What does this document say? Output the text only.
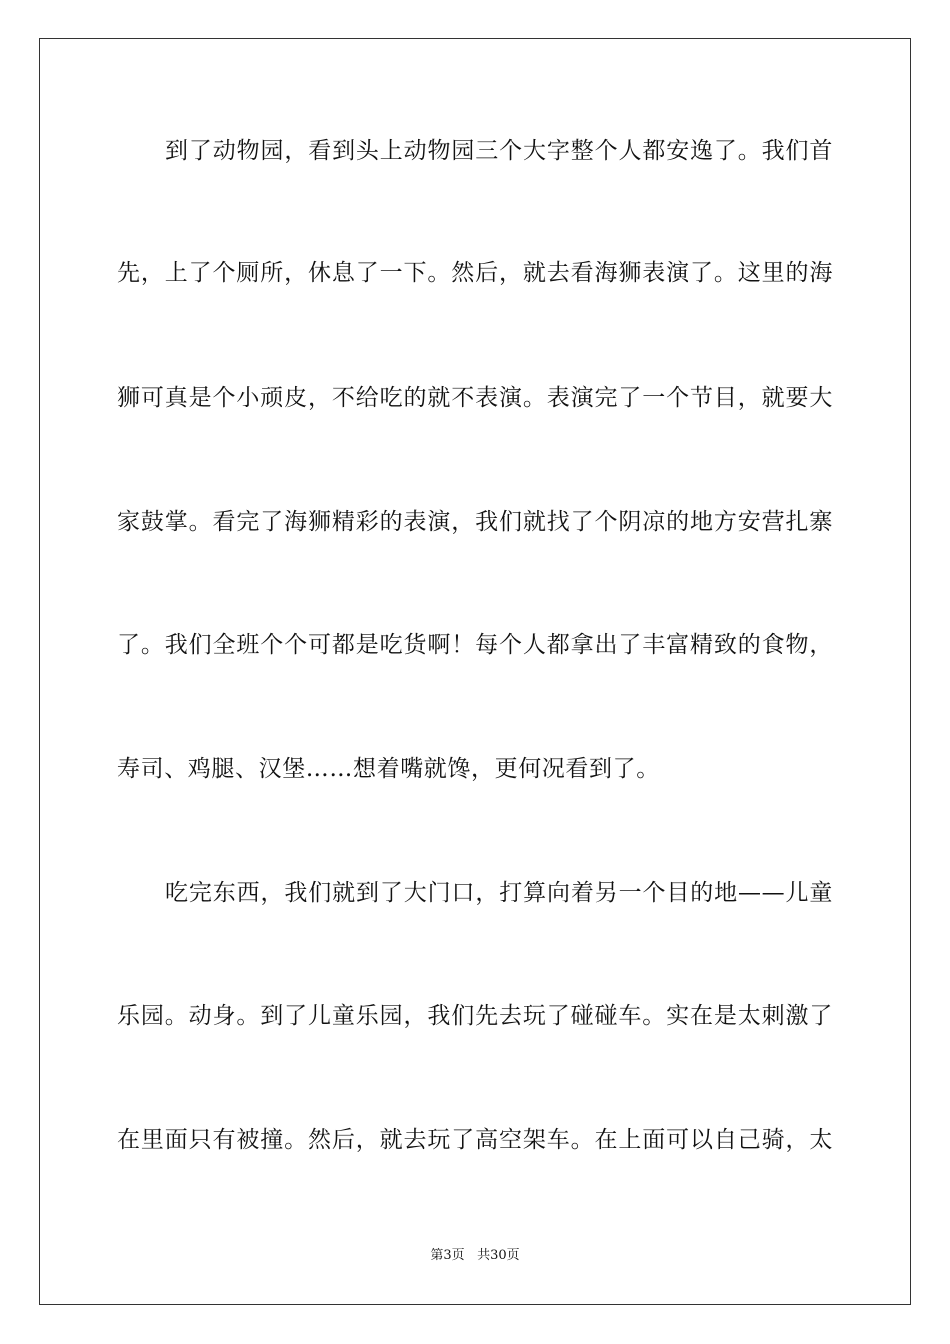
到了动物园，看到头上动物园三个大字整个人都安逸了。我们首
先，上了个厕所，休息了一下。然后，就去看海狮表演了。这里的海
狮可真是个小顽皮，不给吃的就不表演。表演完了一个节目，就要大
家鼓掌。看完了海狮精彩的表演，我们就找了个阴凉的地方安营扎寨
了。我们全班个个可都是吃货啊！每个人都拿出了丰富精致的食物，
寿司、鸡腿、汉堡……想着嘴就馋，更何况看到了。
吃完东西，我们就到了大门口，打算向着另一个目的地——儿童
乐园。动身。到了儿童乐园，我们先去玩了碰碰车。实在是太刺激了
在里面只有被撞。然后，就去玩了高空架车。在上面可以自己骑，太
第3页 共30页
